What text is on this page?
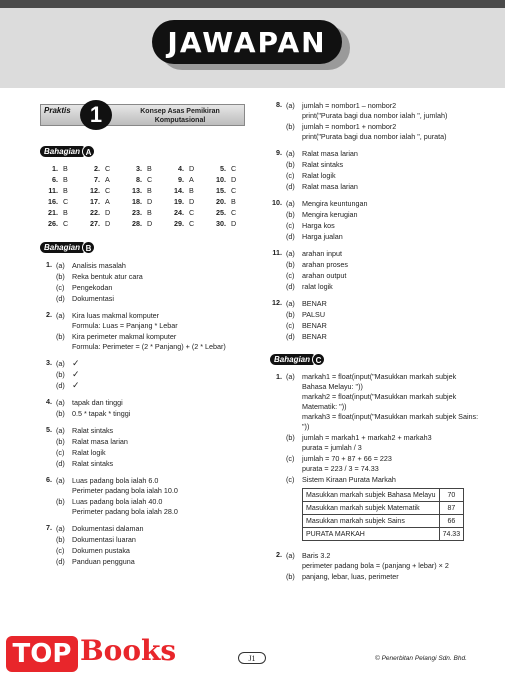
JAWAPAN
Praktis 1	Konsep Asas Pemikiran Komputasional
Bahagian A
1. B	2. C	3. B	4. D	5. C
6. B	7. A	8. C	9. A	10. D
11. B	12. C	13. B	14. B	15. C
16. C	17. A	18. D	19. D	20. B
21. B	22. D	23. B	24. C	25. C
26. C	27. D	28. D	29. C	30. D
Bahagian B
1. (a)	Analisis masalah
(b)	Reka bentuk atur cara
(c)	Pengekodan
(d)	Dokumentasi
2. (a)	Kira luas makmal komputer
Formula: Luas = Panjang * Lebar
(b)	Kira perimeter makmal komputer
Formula: Perimeter = (2 * Panjang) + (2 * Lebar)
3. (a) ✓
(b) ✓
(d) ✓
4. (a)	tapak dan tinggi
(b)	0.5 * tapak * tinggi
5. (a)	Ralat sintaks
(b)	Ralat masa larian
(c)	Ralat logik
(d)	Ralat sintaks
6. (a)	Luas padang bola ialah 6.0
Perimeter padang bola ialah 10.0
(b)	Luas padang bola ialah 40.0
Perimeter padang bola ialah 28.0
7. (a)	Dokumentasi dalaman
(b)	Dokumentasi luaran
(c)	Dokumen pustaka
(d)	Panduan pengguna
8. (a)	jumlah = nombor1 – nombor2
print("Purata bagi dua nombor ialah ", jumlah)
(b)	jumlah = nombor1 + nombor2
print("Purata bagi dua nombor ialah ", purata)
9. (a)	Ralat masa larian
(b)	Ralat sintaks
(c)	Ralat logik
(d)	Ralat masa larian
10. (a)	Mengira keuntungan
(b)	Mengira kerugian
(c)	Harga kos
(d)	Harga jualan
11. (a)	arahan input
(b)	arahan proses
(c)	arahan output
(d)	ralat logik
12. (a)	BENAR
(b)	PALSU
(c)	BENAR
(d)	BENAR
Bahagian C
1. (a)	markah1 = float(input("Masukkan markah subjek Bahasa Melayu: "))
markah2 = float(input("Masukkan markah subjek Matematik: "))
markah3 = float(input("Masukkan markah subjek Sains: "))
(b)	jumlah = markah1 + markah2 + markah3
purata = jumlah / 3
(c)	jumlah = 70 + 87 + 66 = 223
purata = 223 / 3 = 74.33
(c)	Sistem Kiraan Purata Markah
Masukkan markah subjek Bahasa Melayu	70
Masukkan markah subjek Matematik	87
Masukkan markah subjek Sains	66
PURATA MARKAH	74.33
2. (a)	Baris 3.2
perimeter padang bola = (panjang + lebar) × 2
(b)	panjang, lebar, luas, perimeter
TOP Books	J1	© Penerbitan Pelangi Sdn. Bhd.
